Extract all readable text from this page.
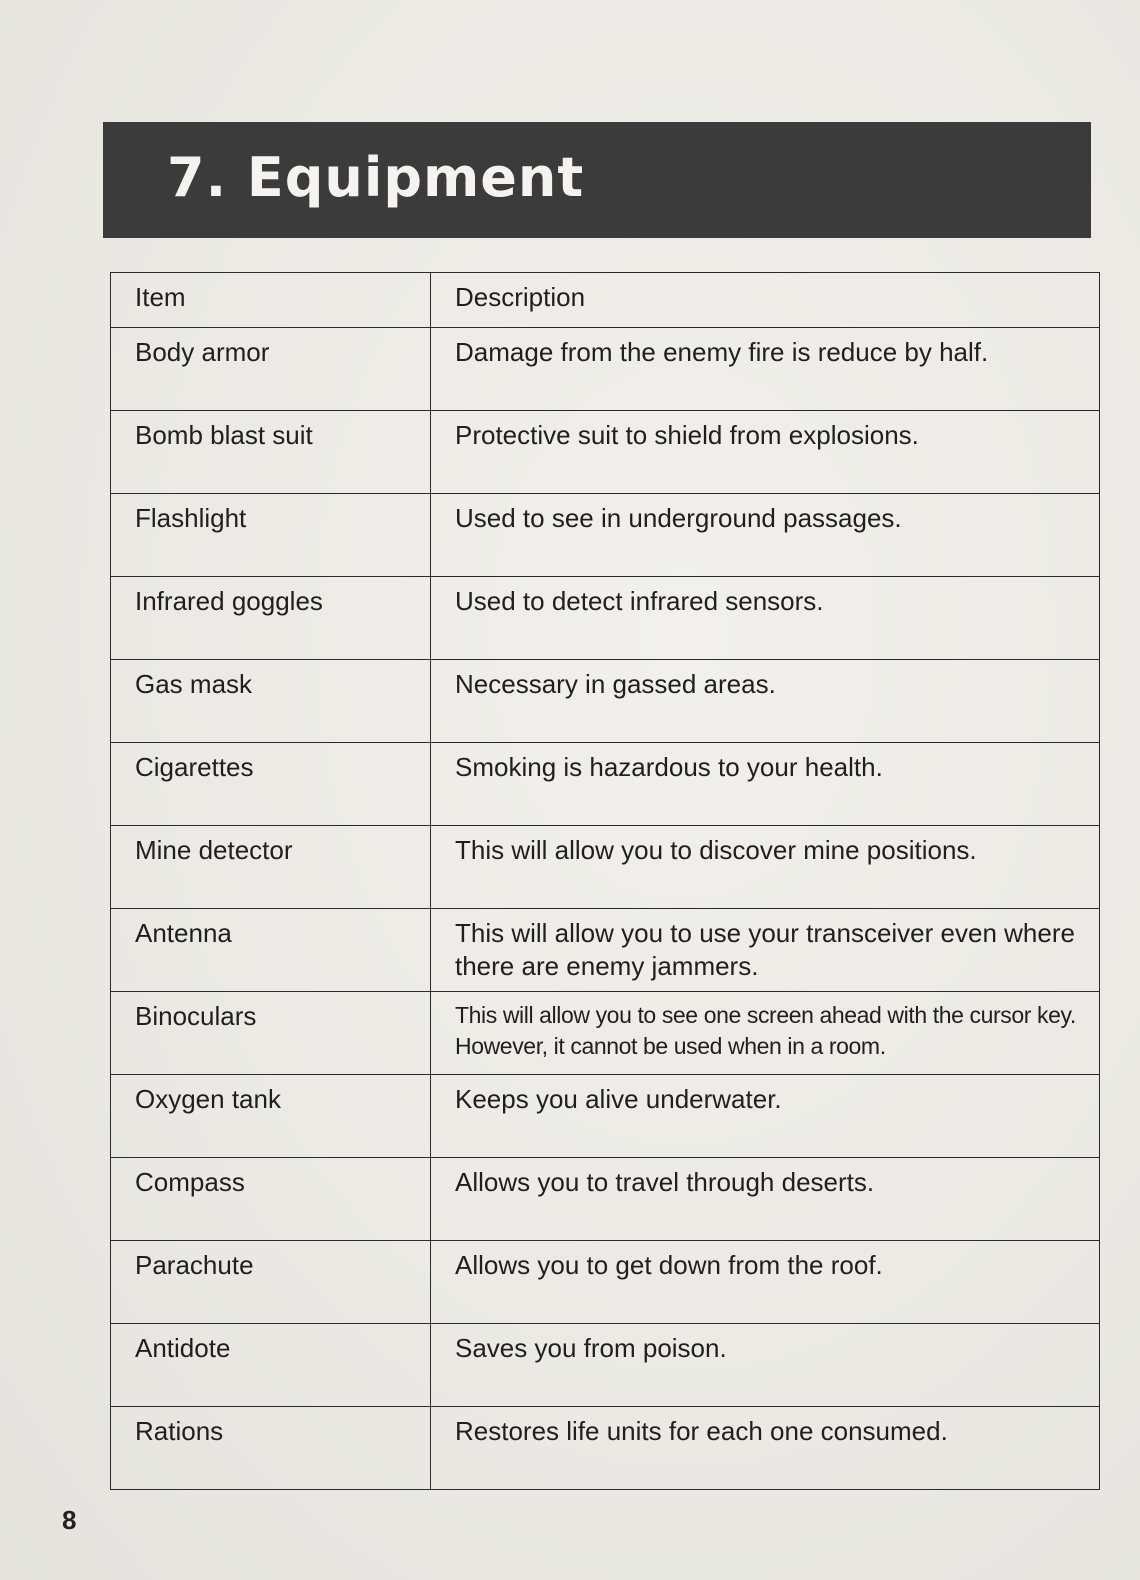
7. Equipment
Item	Description

Body armor	Damage from the enemy fire is reduce by half.

Bomb blast suit	Protective suit to shield from explosions.

Flashlight	Used to see in underground passages.

Infrared goggles	Used to detect infrared sensors.

Gas mask	Necessary in gassed areas.

Cigarettes	Smoking is hazardous to your health.

Mine detector	This will allow you to discover mine positions.

Antenna	This will allow you to use your transceiver even where there are enemy jammers.

Binoculars	This will allow you to see one screen ahead with the cursor key. However, it cannot be used when in a room.

Oxygen tank	Keeps you alive underwater.

Compass	Allows you to travel through deserts.

Parachute	Allows you to get down from the roof.

Antidote	Saves you from poison.

Rations	Restores life units for each one consumed.
8
